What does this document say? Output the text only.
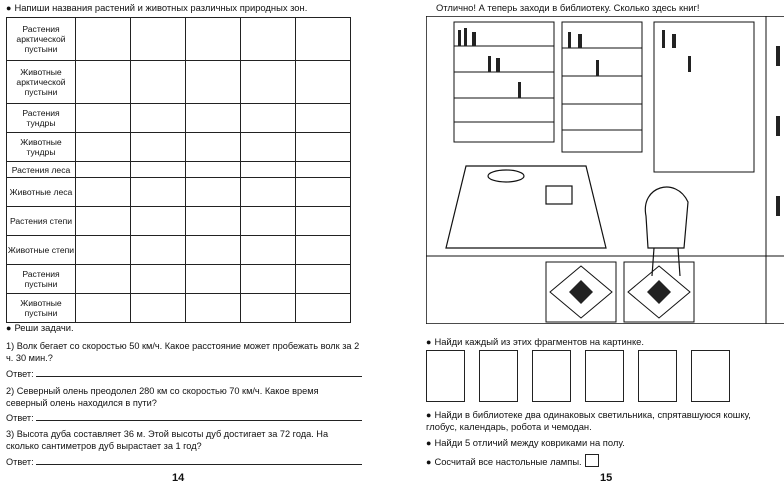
● Напиши названия растений и животных различных природных зон.
Растения арктической пустыни					
Животные арктической пустыни					
Растения тундры					
Животные тундры					
Растения леса					
Животные леса					
Растения степи					
Животные степи					
Растения пустыни					
Животные пустыни					
● Реши задачи.
1) Волк бегает со скоростью 50 км/ч. Какое расстояние может пробежать волк за 2 ч. 30 мин.?
Ответ:
2) Северный олень преодолел 280 км со скоростью 70 км/ч. Какое время северный олень находился в пути?
Ответ:
3) Высота дуба составляет 36 м. Этой высоты дуб достигает за 72 года. На сколько сантиметров дуб вырастает за 1 год?
Ответ:
14
Отлично! А теперь заходи в библиотеку. Сколько здесь книг!
● Найди каждый из этих фрагментов на картинке.
● Найди в библиотеке два одинаковых светильника, спрятавшуюся кошку, глобус, календарь, робота и чемодан.
● Найди 5 отличий между ковриками на полу.
● Сосчитай все настольные лампы.
15
